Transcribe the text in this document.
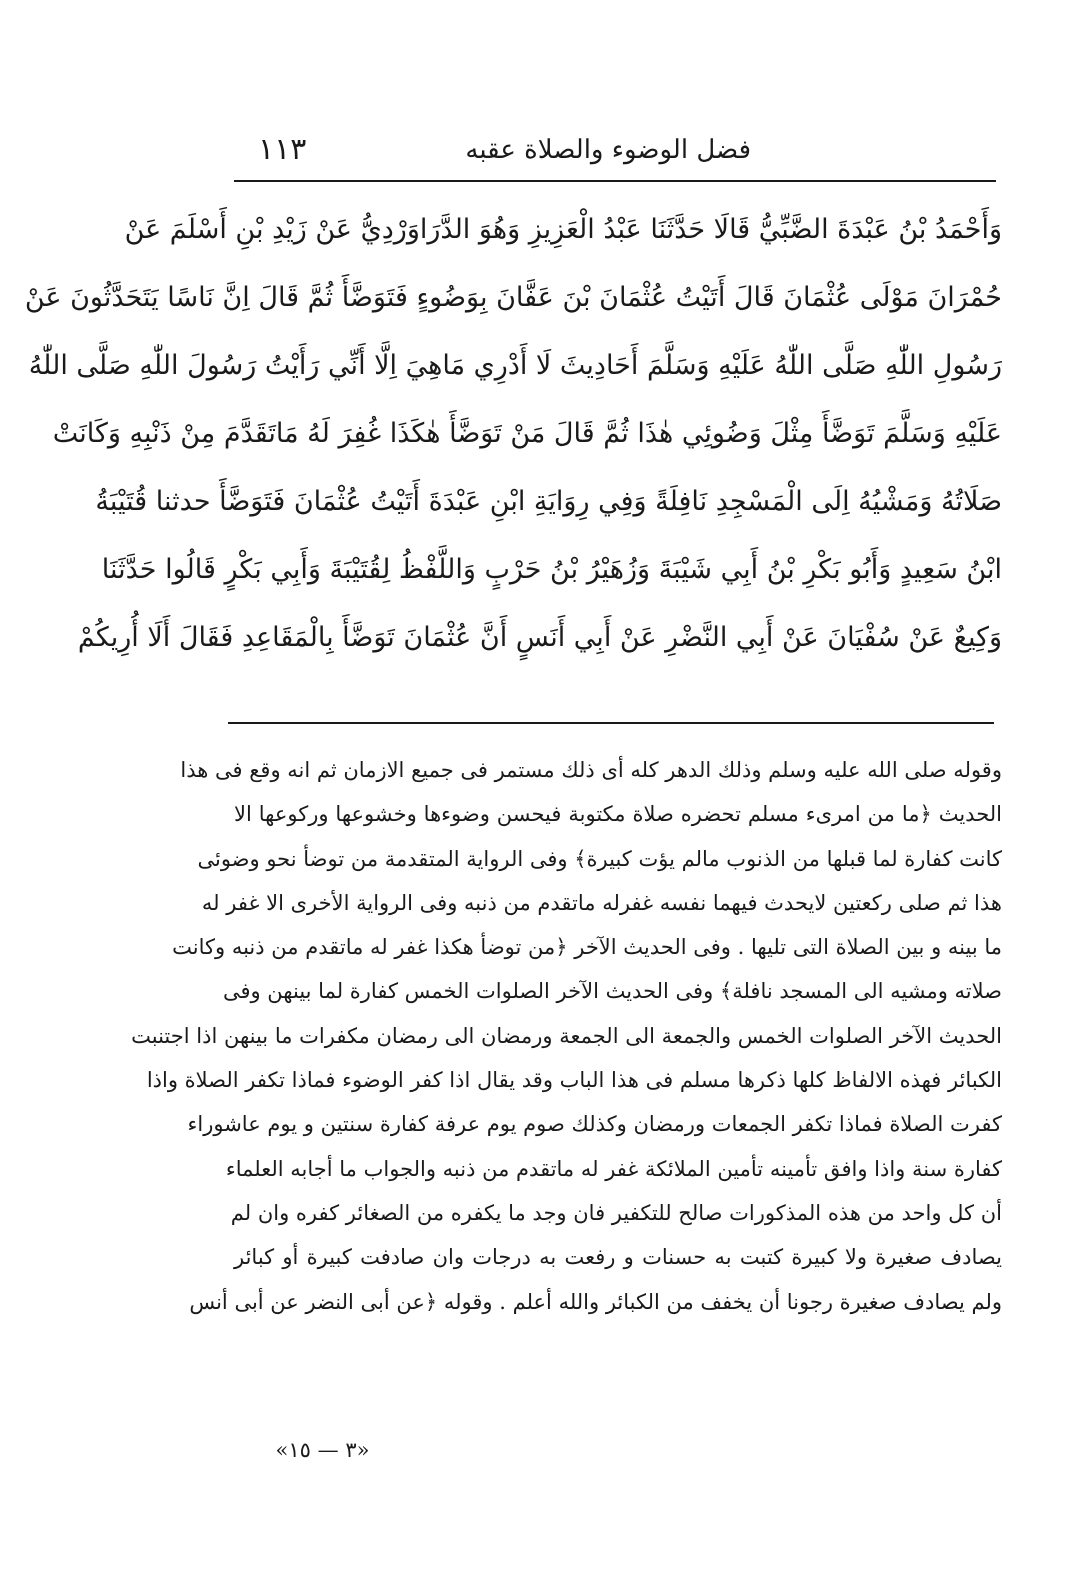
فضل الوضوء والصلاة عقبه
١١٣
وَأَحْمَدُ بْنُ عَبْدَةَ الضَّبِّيُّ قَالَا حَدَّثَنَا عَبْدُ الْعَزِيزِ وَهُوَ الدَّرَاوَرْدِيُّ عَنْ زَيْدِ بْنِ أَسْلَمَ عَنْ
حُمْرَانَ مَوْلَى عُثْمَانَ قَالَ أَتَيْتُ عُثْمَانَ بْنَ عَفَّانَ بِوَضُوءٍ فَتَوَضَّأَ ثُمَّ قَالَ اِنَّ نَاسًا يَتَحَدَّثُونَ عَنْ
رَسُولِ اللّٰهِ صَلَّى اللّٰهُ عَلَيْهِ وَسَلَّمَ أَحَادِيثَ لَا أَدْرِي مَاهِيَ اِلَّا أَنِّي رَأَيْتُ رَسُولَ اللّٰهِ صَلَّى اللّٰهُ
عَلَيْهِ وَسَلَّمَ تَوَضَّأَ مِثْلَ وَضُوئِي هٰذَا ثُمَّ قَالَ مَنْ تَوَضَّأَ هٰكَذَا غُفِرَ لَهُ مَاتَقَدَّمَ مِنْ ذَنْبِهِ وَكَانَتْ
صَلَاتُهُ وَمَشْيُهُ اِلَى الْمَسْجِدِ نَافِلَةً وَفِي رِوَايَةِ ابْنِ عَبْدَةَ أَتَيْتُ عُثْمَانَ فَتَوَضَّأَ حدثنا قُتَيْبَةُ
ابْنُ سَعِيدٍ وَأَبُو بَكْرِ بْنُ أَبِي شَيْبَةَ وَزُهَيْرُ بْنُ حَرْبٍ وَاللَّفْظُ لِقُتَيْبَةَ وَأَبِي بَكْرٍ قَالُوا حَدَّثَنَا
وَكِيعٌ عَنْ سُفْيَانَ عَنْ أَبِي النَّضْرِ عَنْ أَبِي أَنَسٍ أَنَّ عُثْمَانَ تَوَضَّأَ بِالْمَقَاعِدِ فَقَالَ أَلَا أُرِيكُمْ
وقوله صلى الله عليه وسلم وذلك الدهر كله أى ذلك مستمر فى جميع الازمان ثم انه وقع فى هذا
الحديث ﴿ما من امرىء مسلم تحضره صلاة مكتوبة فيحسن وضوءها وخشوعها وركوعها الا
كانت كفارة لما قبلها من الذنوب مالم يؤت كبيرة﴾ وفى الرواية المتقدمة من توضأ نحو وضوئى
هذا ثم صلى ركعتين لايحدث فيهما نفسه غفرله ماتقدم من ذنبه وفى الرواية الأخرى الا غفر له
ما بينه و بين الصلاة التى تليها . وفى الحديث الآخر ﴿من توضأ هكذا غفر له ماتقدم من ذنبه وكانت
صلاته ومشيه الى المسجد نافلة﴾ وفى الحديث الآخر الصلوات الخمس كفارة لما بينهن وفى
الحديث الآخر الصلوات الخمس والجمعة الى الجمعة ورمضان الى رمضان مكفرات ما بينهن اذا اجتنبت
الكبائر فهذه الالفاظ كلها ذكرها مسلم فى هذا الباب وقد يقال اذا كفر الوضوء فماذا تكفر الصلاة واذا
كفرت الصلاة فماذا تكفر الجمعات ورمضان وكذلك صوم يوم عرفة كفارة سنتين و يوم عاشوراء
كفارة سنة واذا وافق تأمينه تأمين الملائكة غفر له ماتقدم من ذنبه والجواب ما أجابه العلماء
أن كل واحد من هذه المذكورات صالح للتكفير فان وجد ما يكفره من الصغائر كفره وان لم
يصادف صغيرة ولا كبيرة كتبت به حسنات و رفعت به درجات وان صادفت كبيرة أو كبائر
ولم يصادف صغيرة رجونا أن يخفف من الكبائر والله أعلم . وقوله ﴿عن أبى النضر عن أبى أنس
«٣ — ١٥»
